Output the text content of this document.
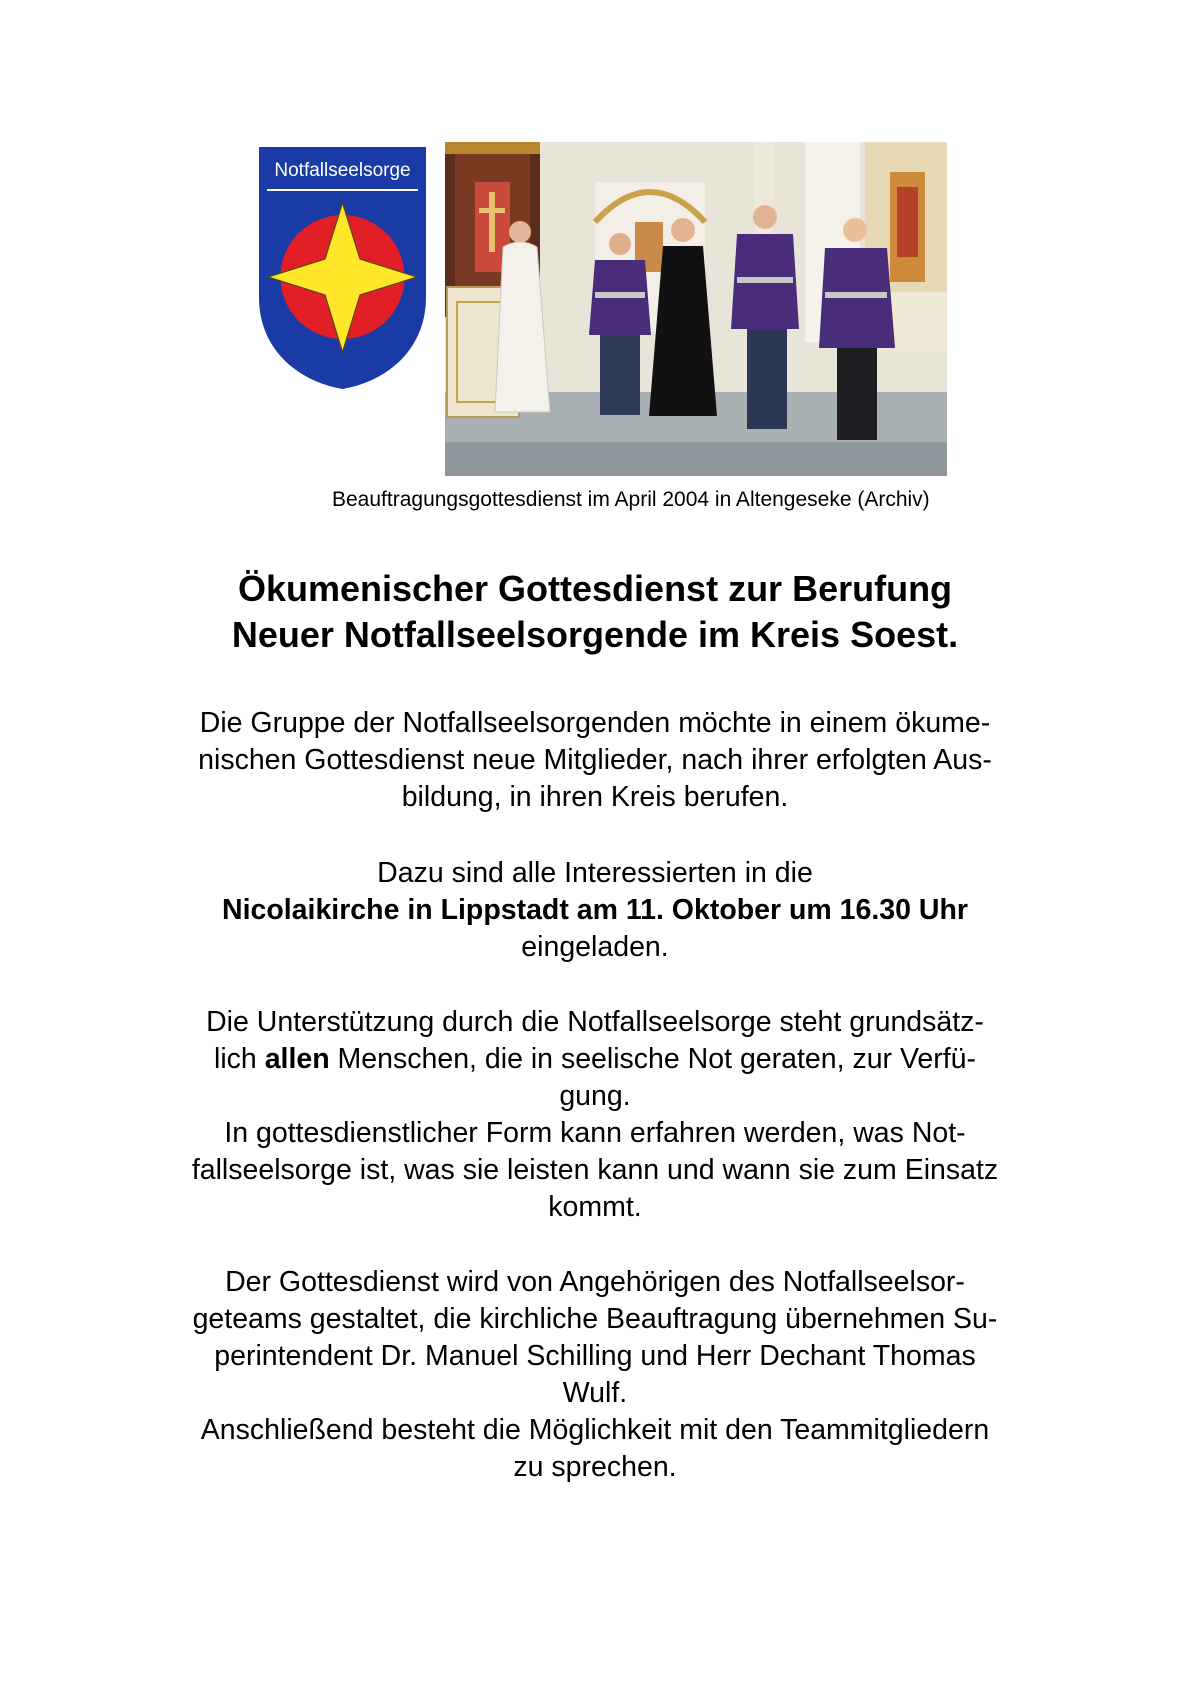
Notfallseelsorge
Beauftragungsgottesdienst im April 2004 in Altengeseke (Archiv)
Ökumenischer Gottesdienst zur Berufung
Neuer Notfallseelsorgende im Kreis Soest.

Die Gruppe der Notfallseelsorgenden möchte in einem ökume-

nischen Gottesdienst neue Mitglieder, nach ihrer erfolgten Aus-

bildung, in ihren Kreis berufen.

Dazu sind alle Interessierten in die

Nicolaikirche in Lippstadt am 11. Oktober um 16.30 Uhr

eingeladen.

Die Unterstützung durch die Notfallseelsorge steht grundsätz-

lich allen Menschen, die in seelische Not geraten, zur Verfü-

gung.

In gottesdienstlicher Form kann erfahren werden, was Not-

fallseelsorge ist, was sie leisten kann und wann sie zum Einsatz

kommt.

Der Gottesdienst wird von Angehörigen des Notfallseelsor-

geteams gestaltet, die kirchliche Beauftragung übernehmen Su-

perintendent Dr. Manuel Schilling und Herr Dechant Thomas

Wulf.

Anschließend besteht die Möglichkeit mit den Teammitgliedern

zu sprechen.
